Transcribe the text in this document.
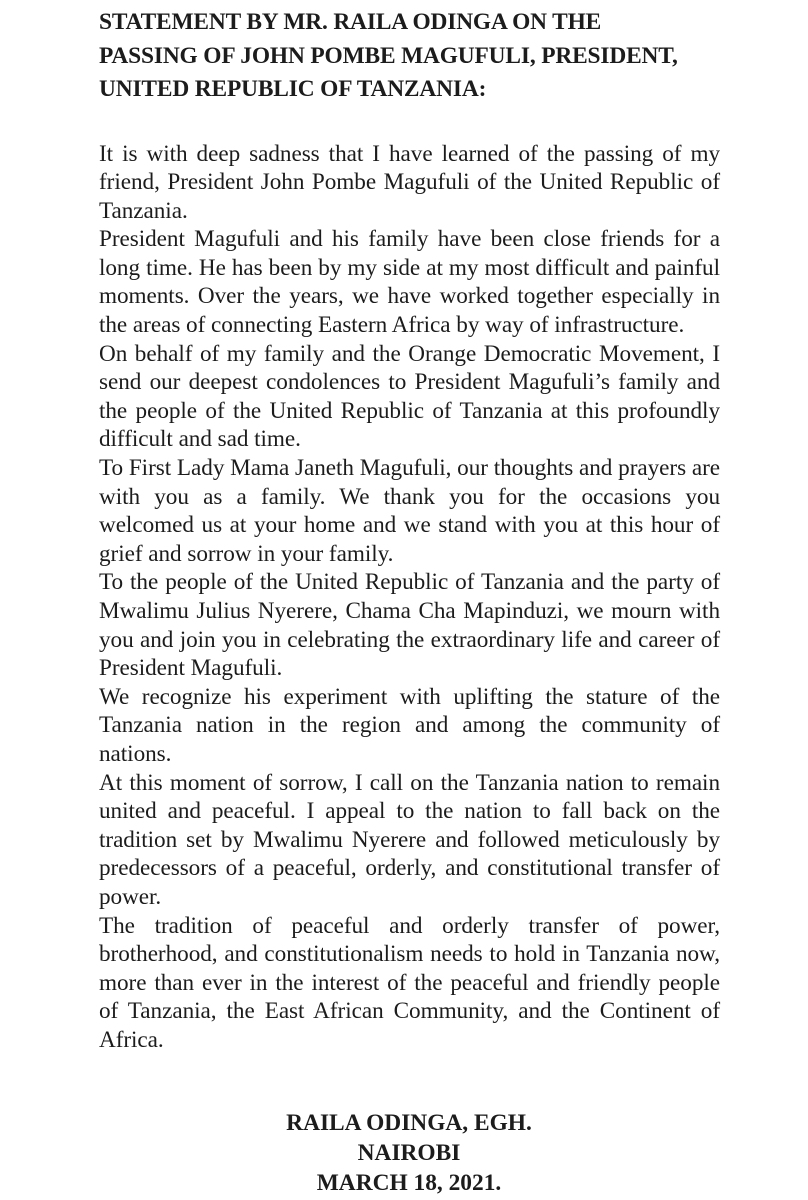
STATEMENT BY MR. RAILA ODINGA ON THE
PASSING OF JOHN POMBE MAGUFULI, PRESIDENT,
UNITED REPUBLIC OF TANZANIA:

It is with deep sadness that I have learned of the passing of my friend, President John Pombe Magufuli of the United Republic of Tanzania.

President Magufuli and his family have been close friends for a long time. He has been by my side at my most difficult and painful moments. Over the years, we have worked together especially in the areas of connecting Eastern Africa by way of infrastructure.

On behalf of my family and the Orange Democratic Movement, I send our deepest condolences to President Magufuli’s family and the people of the United Republic of Tanzania at this profoundly difficult and sad time.

To First Lady Mama Janeth Magufuli, our thoughts and prayers are with you as a family. We thank you for the occasions you welcomed us at your home and we stand with you at this hour of grief and sorrow in your family.

To the people of the United Republic of Tanzania and the party of Mwalimu Julius Nyerere, Chama Cha Mapinduzi, we mourn with you and join you in celebrating the extraordinary life and career of President Magufuli.

We recognize his experiment with uplifting the stature of the Tanzania nation in the region and among the community of nations.

At this moment of sorrow, I call on the Tanzania nation to remain united and peaceful. I appeal to the nation to fall back on the tradition set by Mwalimu Nyerere and followed meticulously by predecessors of a peaceful, orderly, and constitutional transfer of power.

The tradition of peaceful and orderly transfer of power, brotherhood, and constitutionalism needs to hold in Tanzania now, more than ever in the interest of the peaceful and friendly people of Tanzania, the East African Community, and the Continent of Africa.

RAILA ODINGA, EGH.
NAIROBI
MARCH 18, 2021.
